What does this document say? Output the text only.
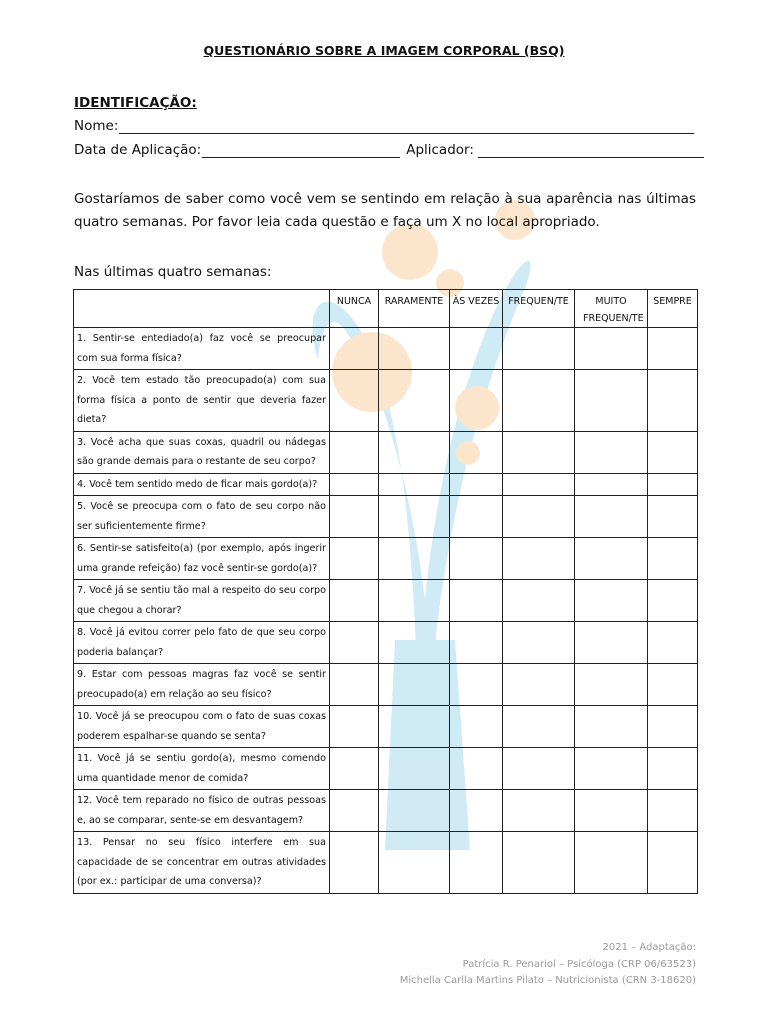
QUESTIONÁRIO SOBRE A IMAGEM CORPORAL (BSQ)
IDENTIFICAÇÃO:
Nome:
Data de Aplicação:	Aplicador:
Gostaríamos de saber como você vem se sentindo em relação à sua aparência nas últimas quatro semanas. Por favor leia cada questão e faça um X no local apropriado.
Nas últimas quatro semanas:
	NUNCA	RARAMENTE	ÀS VEZES	FREQUEN/TE	MUITO FREQUEN/TE	SEMPRE
1. Sentir-se entediado(a) faz você se preocupar com sua forma física?						
2. Você tem estado tão preocupado(a) com sua forma física a ponto de sentir que deveria fazer dieta?						
3. Você acha que suas coxas, quadril ou nádegas são grande demais para o restante de seu corpo?						
4. Você tem sentido medo de ficar mais gordo(a)?						
5. Você se preocupa com o fato de seu corpo não ser suficientemente firme?						
6. Sentir-se satisfeito(a) (por exemplo, após ingerir uma grande refeição) faz você sentir-se gordo(a)?						
7. Você já se sentiu tão mal a respeito do seu corpo que chegou a chorar?						
8. Você já evitou correr pelo fato de que seu corpo poderia balançar?						
9. Estar com pessoas magras faz você se sentir preocupado(a) em relação ao seu físico?						
10. Você já se preocupou com o fato de suas coxas poderem espalhar-se quando se senta?						
11. Você já se sentiu gordo(a), mesmo comendo uma quantidade menor de comida?						
12. Você tem reparado no físico de outras pessoas e, ao se comparar, sente-se em desvantagem?						
13. Pensar no seu físico interfere em sua capacidade de se concentrar em outras atividades (por ex.: participar de uma conversa)?						
2021 – Adaptação:
Patrícia R. Penariol – Psicóloga (CRP 06/63523)
Michella Carlla Martins Pilato – Nutricionista (CRN 3-18620)
